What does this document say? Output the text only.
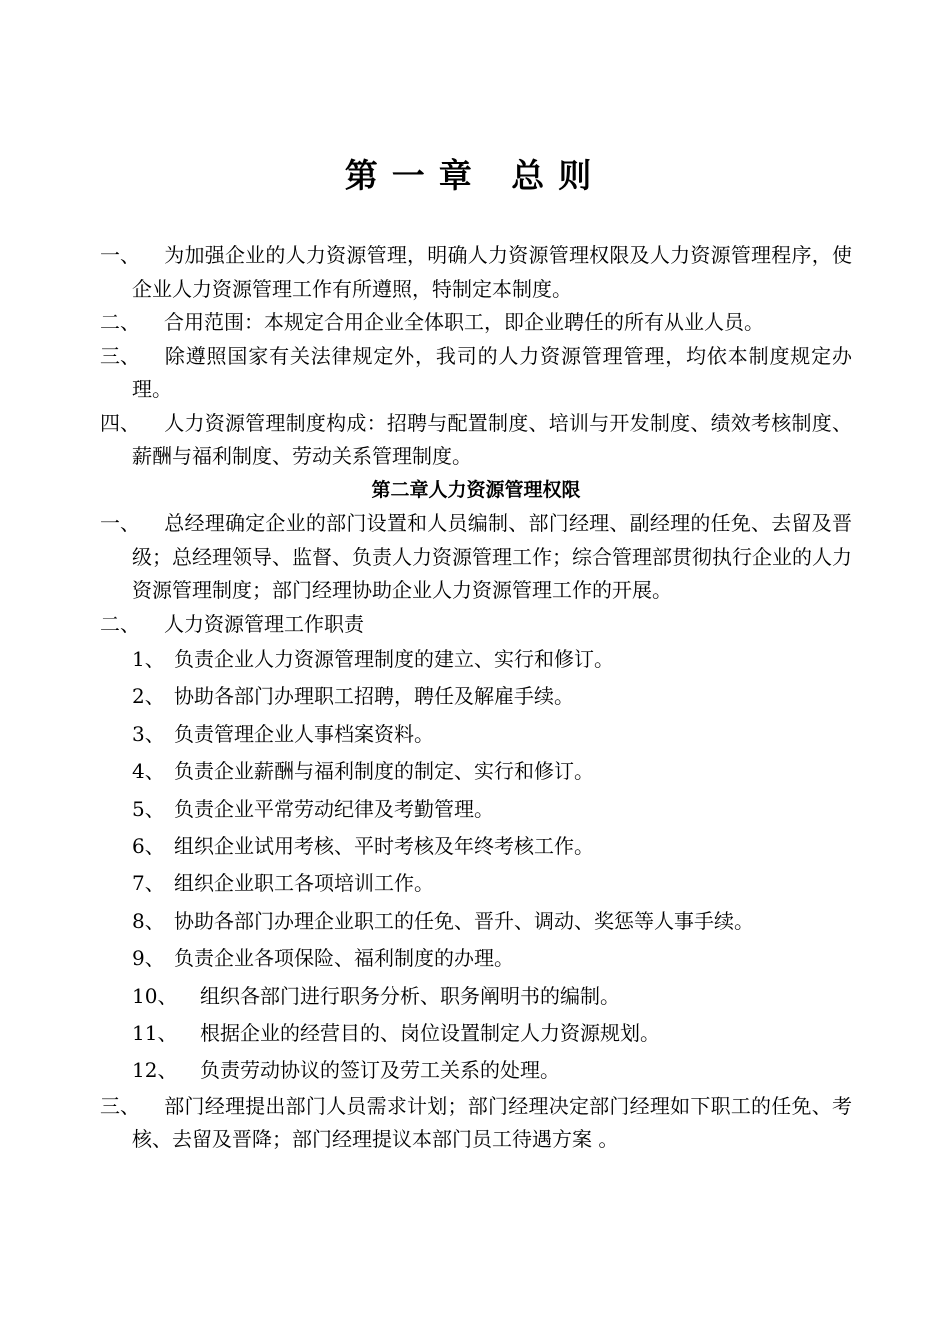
第一章 总则
一、	为加强企业的人力资源管理，明确人力资源管理权限及人力资源管理程序，使企业人力资源管理工作有所遵照，特制定本制度。
二、	合用范围：本规定合用企业全体职工，即企业聘任的所有从业人员。
三、	除遵照国家有关法律规定外，我司的人力资源管理管理，均依本制度规定办理。
四、	人力资源管理制度构成：招聘与配置制度、培训与开发制度、绩效考核制度、薪酬与福利制度、劳动关系管理制度。
第二章人力资源管理权限
一、	总经理确定企业的部门设置和人员编制、部门经理、副经理的任免、去留及晋级；总经理领导、监督、负责人力资源管理工作；综合管理部贯彻执行企业的人力资源管理制度；部门经理协助企业人力资源管理工作的开展。
二、	人力资源管理工作职责
1、 负责企业人力资源管理制度的建立、实行和修订。
2、 协助各部门办理职工招聘，聘任及解雇手续。
3、 负责管理企业人事档案资料。
4、 负责企业薪酬与福利制度的制定、实行和修订。
5、 负责企业平常劳动纪律及考勤管理。
6、 组织企业试用考核、平时考核及年终考核工作。
7、 组织企业职工各项培训工作。
8、 协助各部门办理企业职工的任免、晋升、调动、奖惩等人事手续。
9、 负责企业各项保险、福利制度的办理。
10、 组织各部门进行职务分析、职务阐明书的编制。
11、 根据企业的经营目的、岗位设置制定人力资源规划。
12、 负责劳动协议的签订及劳工关系的处理。
三、	部门经理提出部门人员需求计划；部门经理决定部门经理如下职工的任免、考核、去留及晋降；部门经理提议本部门员工待遇方案 。
